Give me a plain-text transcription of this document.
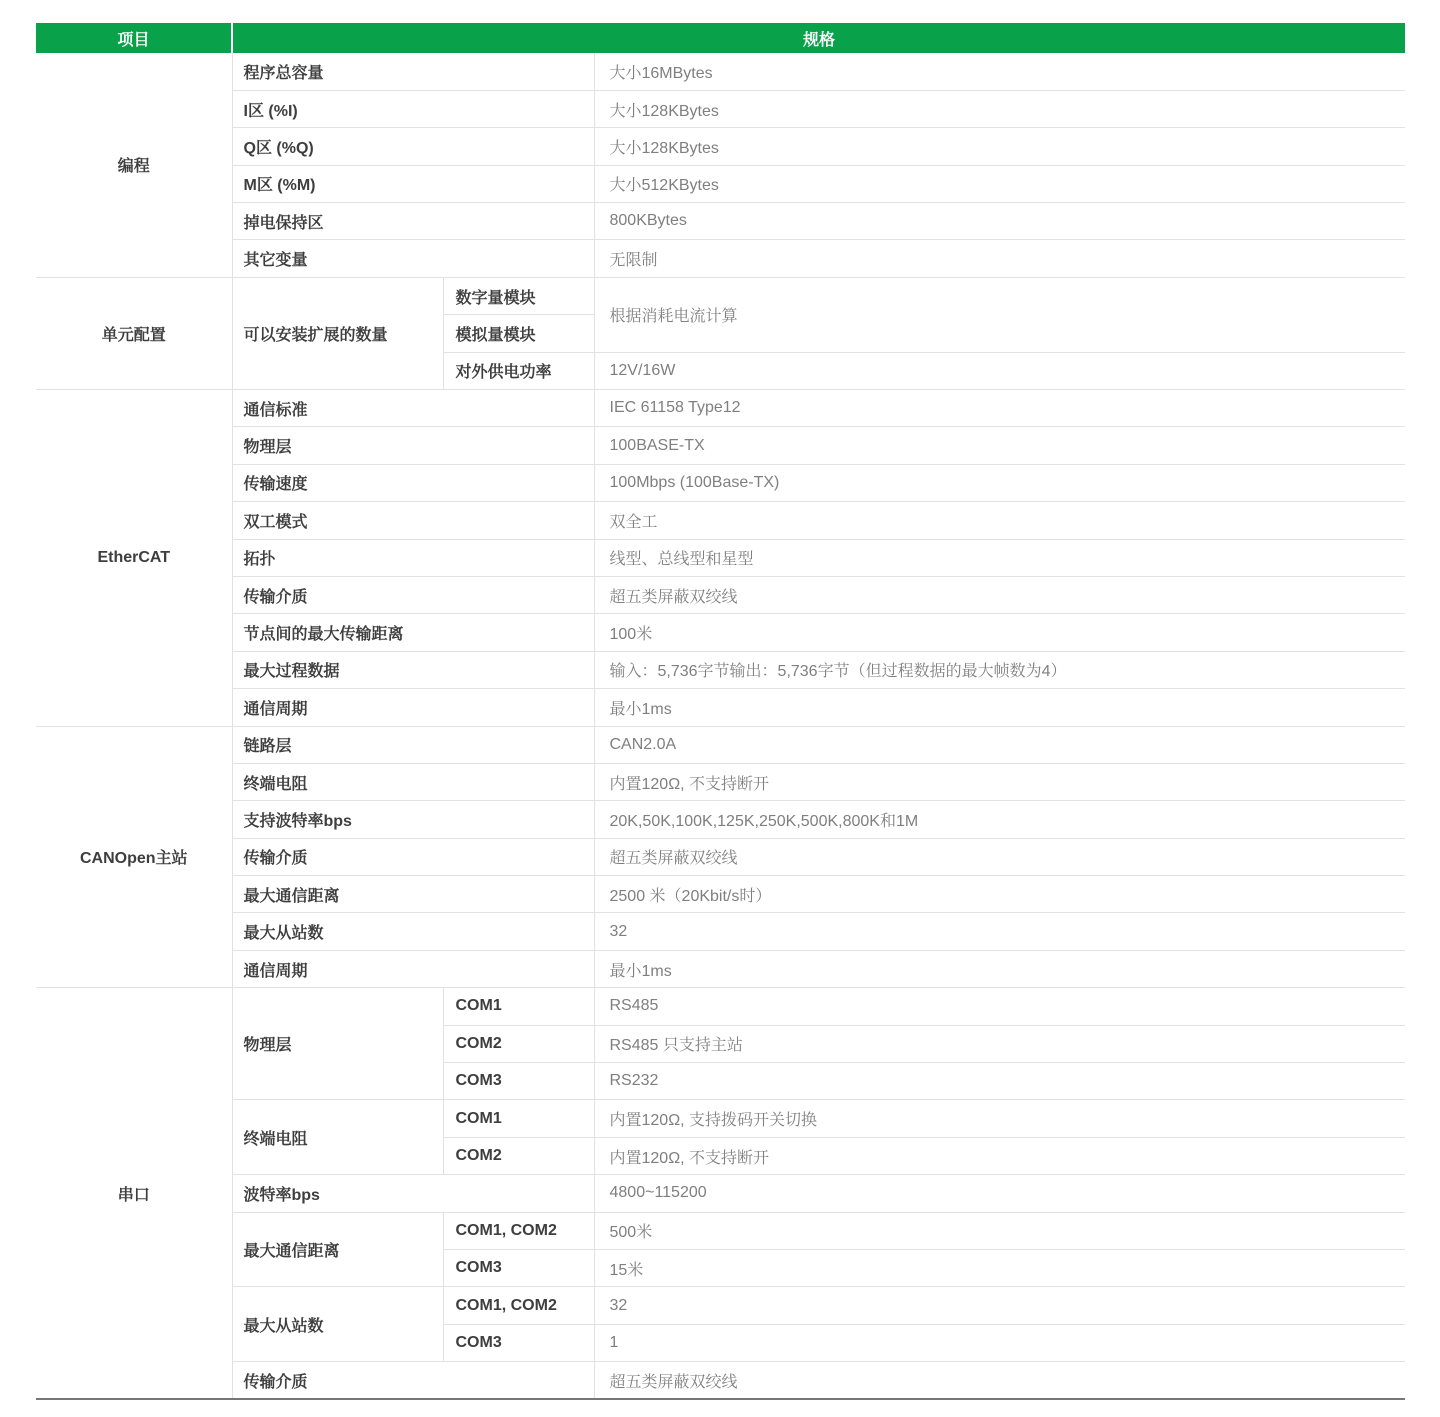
项目	规格		
编程	程序总容量		大小16MBytes
	I区 (%I)		大小128KBytes
	Q区 (%Q)		大小128KBytes
	M区 (%M)		大小512KBytes
	掉电保持区		800KBytes
	其它变量		无限制
单元配置	可以安装扩展的数量	数字量模块	根据消耗电流计算
		模拟量模块	
		对外供电功率	12V/16W
EtherCAT	通信标准		IEC 61158 Type12
	物理层		100BASE-TX
	传输速度		100Mbps (100Base-TX)
	双工模式		双全工
	拓扑		线型、总线型和星型
	传输介质		超五类屏蔽双绞线
	节点间的最大传输距离		100米
	最大过程数据		输入：5,736字节输出：5,736字节（但过程数据的最大帧数为4）
	通信周期		最小1ms
CANOpen主站	链路层		CAN2.0A
	终端电阻		内置120Ω, 不支持断开
	支持波特率bps		20K,50K,100K,125K,250K,500K,800K和1M
	传输介质		超五类屏蔽双绞线
	最大通信距离		2500 米（20Kbit/s时）
	最大从站数		32
	通信周期		最小1ms
串口	物理层	COM1	RS485
		COM2	RS485 只支持主站
		COM3	RS232
	终端电阻	COM1	内置120Ω, 支持拨码开关切换
		COM2	内置120Ω, 不支持断开
	波特率bps		4800~115200
	最大通信距离	COM1, COM2	500米
		COM3	15米
	最大从站数	COM1, COM2	32
		COM3	1
	传输介质		超五类屏蔽双绞线
